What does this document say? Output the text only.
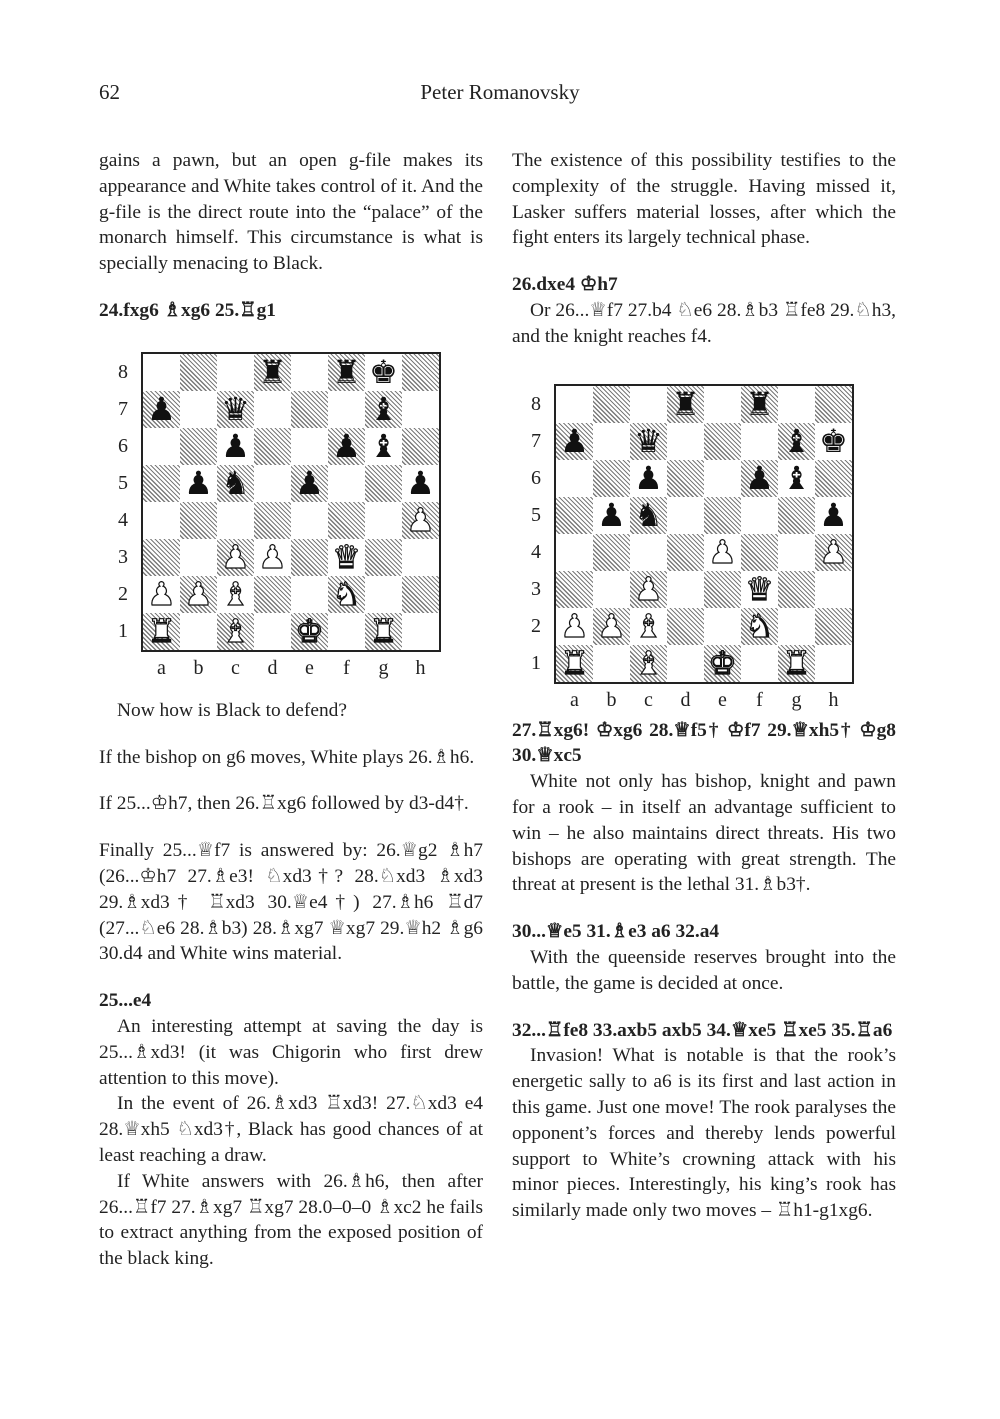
62	Peter Romanovsky

gains a pawn, but an open g-file makes its appearance and White takes control of it. And the g-file is the direct route into the “palace” of the monarch himself. This circumstance is what is specially menacing to Black.

24.fxg6 ♗xg6 25.♖g1

♜ ♜ ♚
♟ ♛	♝
♟	♟ ♝
♟ ♞ ♟	♟
♟
♟ ♟ ♛
♟ ♟ ♝	♞
♜ ♝ ♚ ♜
8
7
6
5
4
3
2
1
a	b	c	d	e	f	g	h

Now how is Black to defend?

If the bishop on g6 moves, White plays 26.♗h6.

If 25...♔h7, then 26.♖xg6 followed by d3-d4†.

Finally 25...♕f7 is answered by: 26.♕g2 ♗h7 (26...♔h7 27.♗e3! ♘xd3†? 28.♘xd3 ♗xd3 29.♗xd3† ♖xd3 30.♕e4†) 27.♗h6 ♖d7 (27...♘e6 28.♗b3) 28.♗xg7 ♕xg7 29.♕h2 ♗g6 30.d4 and White wins material.

25...e4

An interesting attempt at saving the day is 25...♗xd3! (it was Chigorin who first drew attention to this move).

In the event of 26.♗xd3 ♖xd3! 27.♘xd3 e4 28.♕xh5 ♘xd3†, Black has good chances of at least reaching a draw.

If White answers with 26.♗h6, then after 26...♖f7 27.♗xg7 ♖xg7 28.0–0–0 ♗xc2 he fails to extract anything from the exposed position of the black king.

The existence of this possibility testifies to the complexity of the struggle. Having missed it, Lasker suffers material losses, after which the fight enters its largely technical phase.

26.dxe4 ♔h7

Or 26...♕f7 27.b4 ♘e6 28.♗b3 ♖fe8 29.♘h3, and the knight reaches f4.

♜ ♜
♟ ♛	♝ ♚
♟	♟ ♝
♟ ♞	♟
♟	♟
♟	♛
♟ ♟ ♝	♞
♜ ♝ ♚ ♜
8
7
6
5
4
3
2
1
a	b	c	d	e	f	g	h

27.♖xg6! ♔xg6 28.♕f5† ♔f7 29.♕xh5† ♔g8 30.♕xc5

White not only has bishop, knight and pawn for a rook – in itself an advantage sufficient to win – he also maintains direct threats. His two bishops are operating with great strength. The threat at present is the lethal 31.♗b3†.

30...♕e5 31.♗e3 a6 32.a4

With the queenside reserves brought into the battle, the game is decided at once.

32...♖fe8 33.axb5 axb5 34.♕xe5 ♖xe5 35.♖a6

Invasion! What is notable is that the rook’s energetic sally to a6 is its first and last action in this game. Just one move! The rook paralyses the opponent’s forces and thereby lends powerful support to White’s crowning attack with his minor pieces. Interestingly, his king’s rook has similarly made only two moves – ♖h1-g1xg6.
